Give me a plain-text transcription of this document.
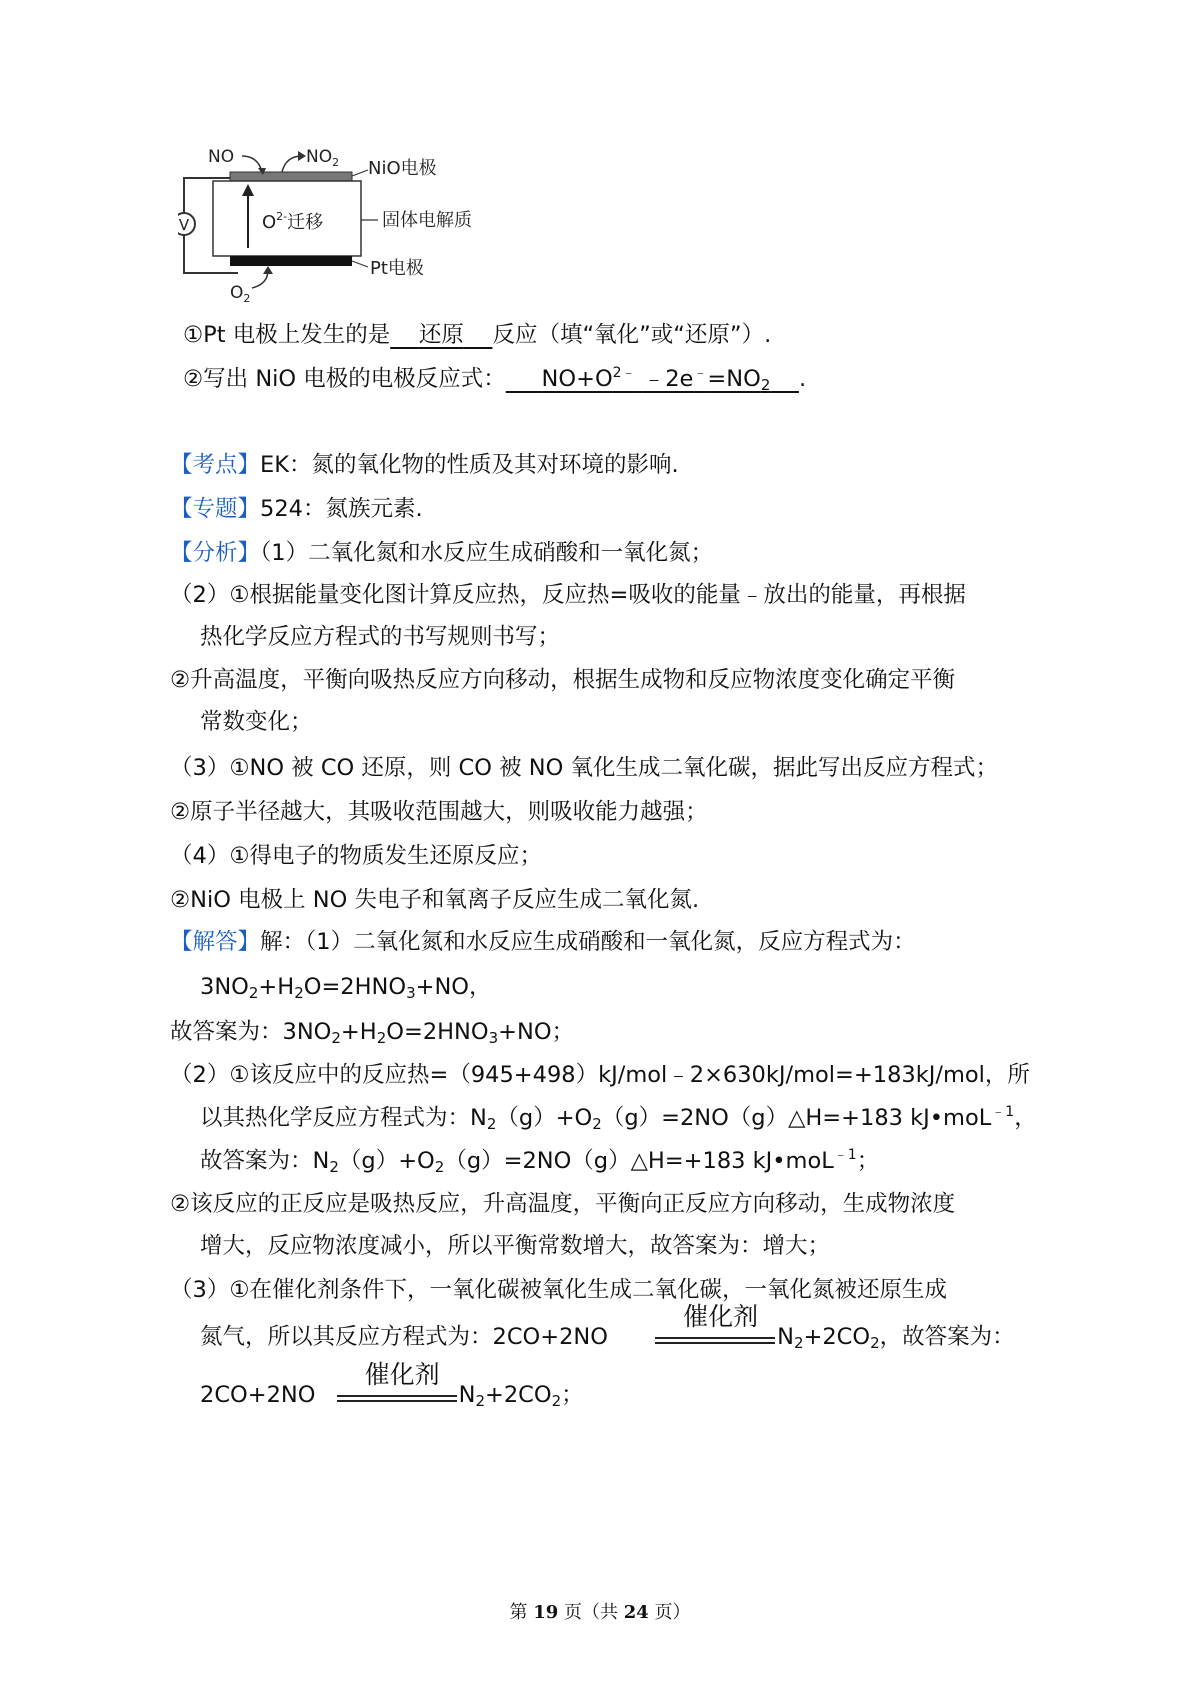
V	$O^{2-}$迁移
NO	$NO_2$ NiO电极
固体电解质
Pt电极
$O_2$
①Pt 电极上发生的是 还原 反应（填“氧化”或“还原”）.
②写出 NiO 电极的电极反应式： $NO+O^{2﹣}$ $﹣2e^﹣=NO_2$ .
【考点】EK：氮的氧化物的性质及其对环境的影响.
【专题】524：氮族元素.
【分析】（1）二氧化氮和水反应生成硝酸和一氧化氮；
（2）①根据能量变化图计算反应热，反应热=吸收的能量﹣放出的能量，再根据
热化学反应方程式的书写规则书写；
②升高温度，平衡向吸热反应方向移动，根据生成物和反应物浓度变化确定平衡
常数变化；
（3）①NO 被 CO 还原，则 CO 被 NO 氧化生成二氧化碳，据此写出反应方程式；
②原子半径越大，其吸收范围越大，则吸收能力越强；
（4）①得电子的物质发生还原反应；
②NiO 电极上 NO 失电子和氧离子反应生成二氧化氮.
【解答】解：（1）二氧化氮和水反应生成硝酸和一氧化氮，反应方程式为：
$3NO_2+H_2O=2HNO_3+NO$，
故答案为：$3NO_2+H_2O=2HNO_3+NO$；
（2）①该反应中的反应热=（945+498）kJ/mol﹣2×630kJ/mol=+183kJ/mol，所
以其热化学反应方程式为：$N_2(g)+O_2(g)=2NO(g)\triangle H=+183$ kJ•moL$^{﹣1}$，
故答案为：$N_2(g)+O_2(g)=2NO(g)\triangle H=+183$ kJ•moL$^{﹣1}$；
②该反应的正反应是吸热反应，升高温度，平衡向正反应方向移动，生成物浓度
增大，反应物浓度减小，所以平衡常数增大，故答案为：增大；
（3）①在催化剂条件下，一氧化碳被氧化生成二氧化碳，一氧化氮被还原生成
氮气，所以其反应方程式为：2CO+2NO
催化剂
$N_2+2CO_2$，故答案为：
2CO+2NO
催化剂
$N_2+2CO_2$；
第 19 页（共 24 页）
